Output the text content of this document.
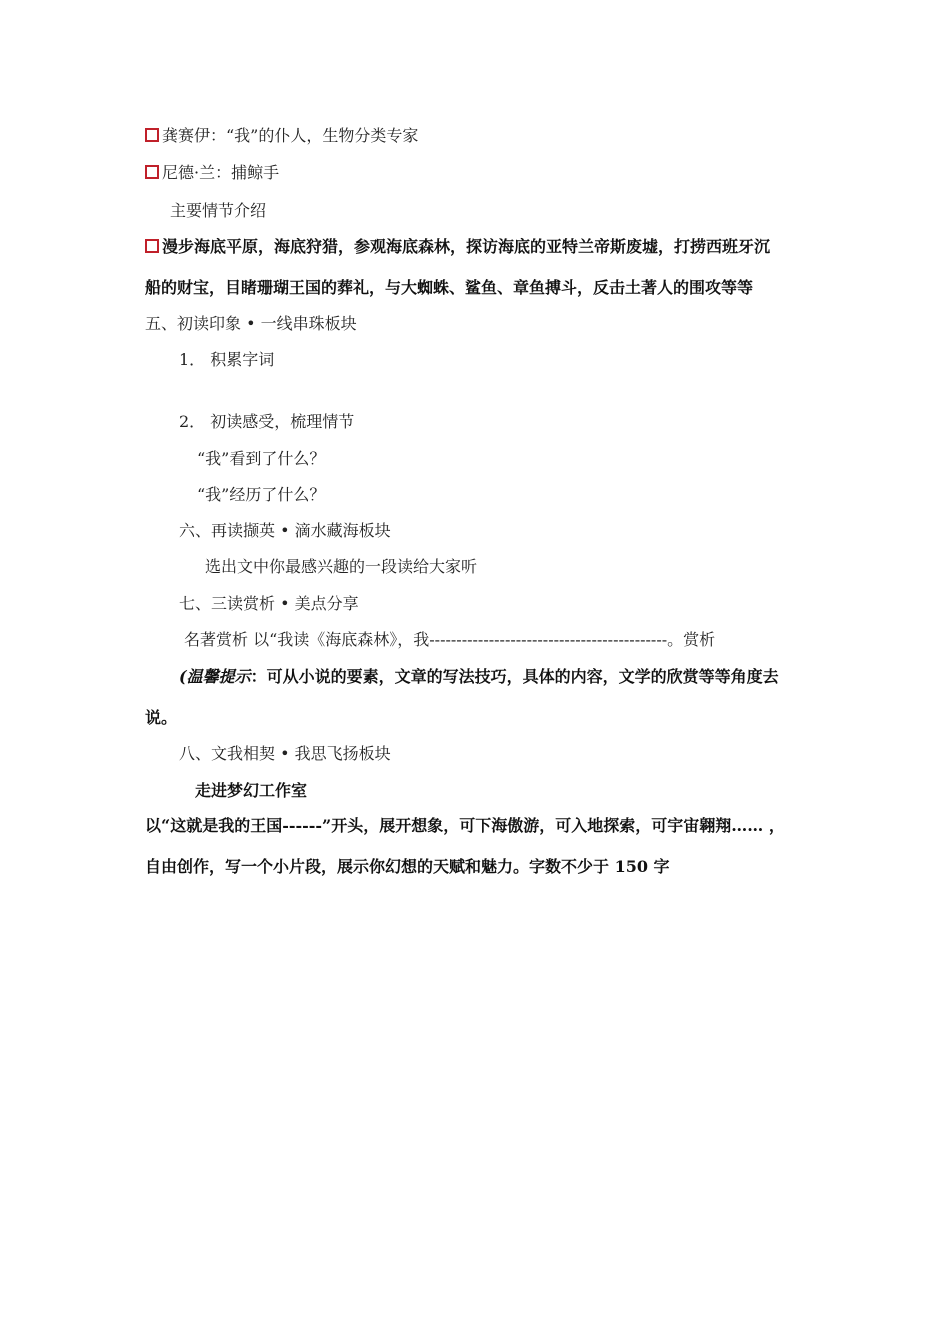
龚赛伊：“我”的仆人，生物分类专家
尼德·兰：捕鲸手
主要情节介绍
漫步海底平原，海底狩猎，参观海底森林，探访海底的亚特兰帝斯废墟，打捞西班牙沉
船的财宝，目睹珊瑚王国的葬礼，与大蜘蛛、鲨鱼、章鱼搏斗，反击土著人的围攻等等
五、初读印象 • 一线串珠板块
1． 积累字词
2． 初读感受，梳理情节
“我”看到了什么？
“我”经历了什么？
六、再读撷英 • 滴水藏海板块
选出文中你最感兴趣的一段读给大家听
七、三读赏析 • 美点分享
名著赏析 以“我读《海底森林》，我--------------------------------------------。赏析
(温馨提示：可从小说的要素，文章的写法技巧，具体的内容，文学的欣赏等等角度去
说。
八、文我相契 • 我思飞扬板块
走进梦幻工作室
以“这就是我的王国------”开头，展开想象，可下海傲游，可入地探索，可宇宙翱翔…… ，
自由创作，写一个小片段，展示你幻想的天赋和魅力。字数不少于 150 字
